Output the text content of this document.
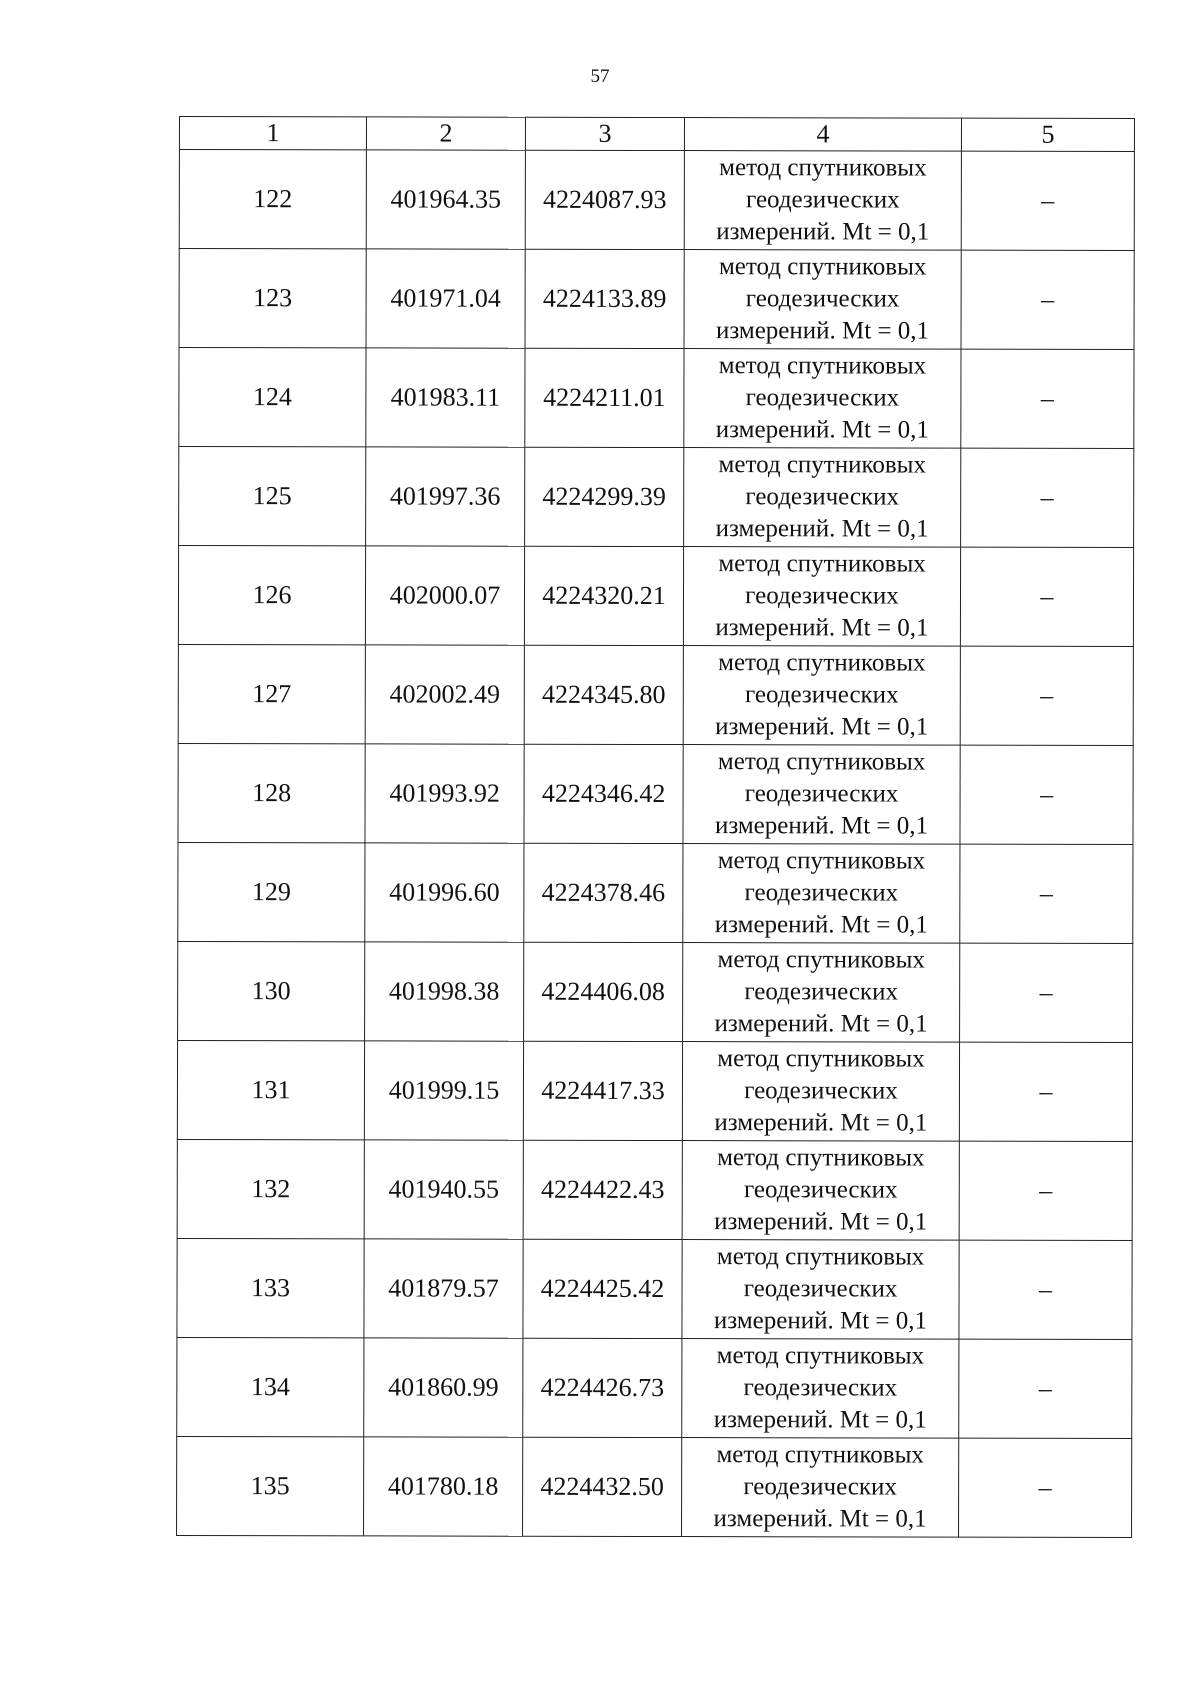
57
1	2	3	4	5
122	401964.35	4224087.93	метод спутниковых
геодезических
измерений. Mt = 0,1	–
123	401971.04	4224133.89	метод спутниковых
геодезических
измерений. Mt = 0,1	–
124	401983.11	4224211.01	метод спутниковых
геодезических
измерений. Mt = 0,1	–
125	401997.36	4224299.39	метод спутниковых
геодезических
измерений. Mt = 0,1	–
126	402000.07	4224320.21	метод спутниковых
геодезических
измерений. Mt = 0,1	–
127	402002.49	4224345.80	метод спутниковых
геодезических
измерений. Mt = 0,1	–
128	401993.92	4224346.42	метод спутниковых
геодезических
измерений. Mt = 0,1	–
129	401996.60	4224378.46	метод спутниковых
геодезических
измерений. Mt = 0,1	–
130	401998.38	4224406.08	метод спутниковых
геодезических
измерений. Mt = 0,1	–
131	401999.15	4224417.33	метод спутниковых
геодезических
измерений. Mt = 0,1	–
132	401940.55	4224422.43	метод спутниковых
геодезических
измерений. Mt = 0,1	–
133	401879.57	4224425.42	метод спутниковых
геодезических
измерений. Mt = 0,1	–
134	401860.99	4224426.73	метод спутниковых
геодезических
измерений. Mt = 0,1	–
135	401780.18	4224432.50	метод спутниковых
геодезических
измерений. Mt = 0,1	–
